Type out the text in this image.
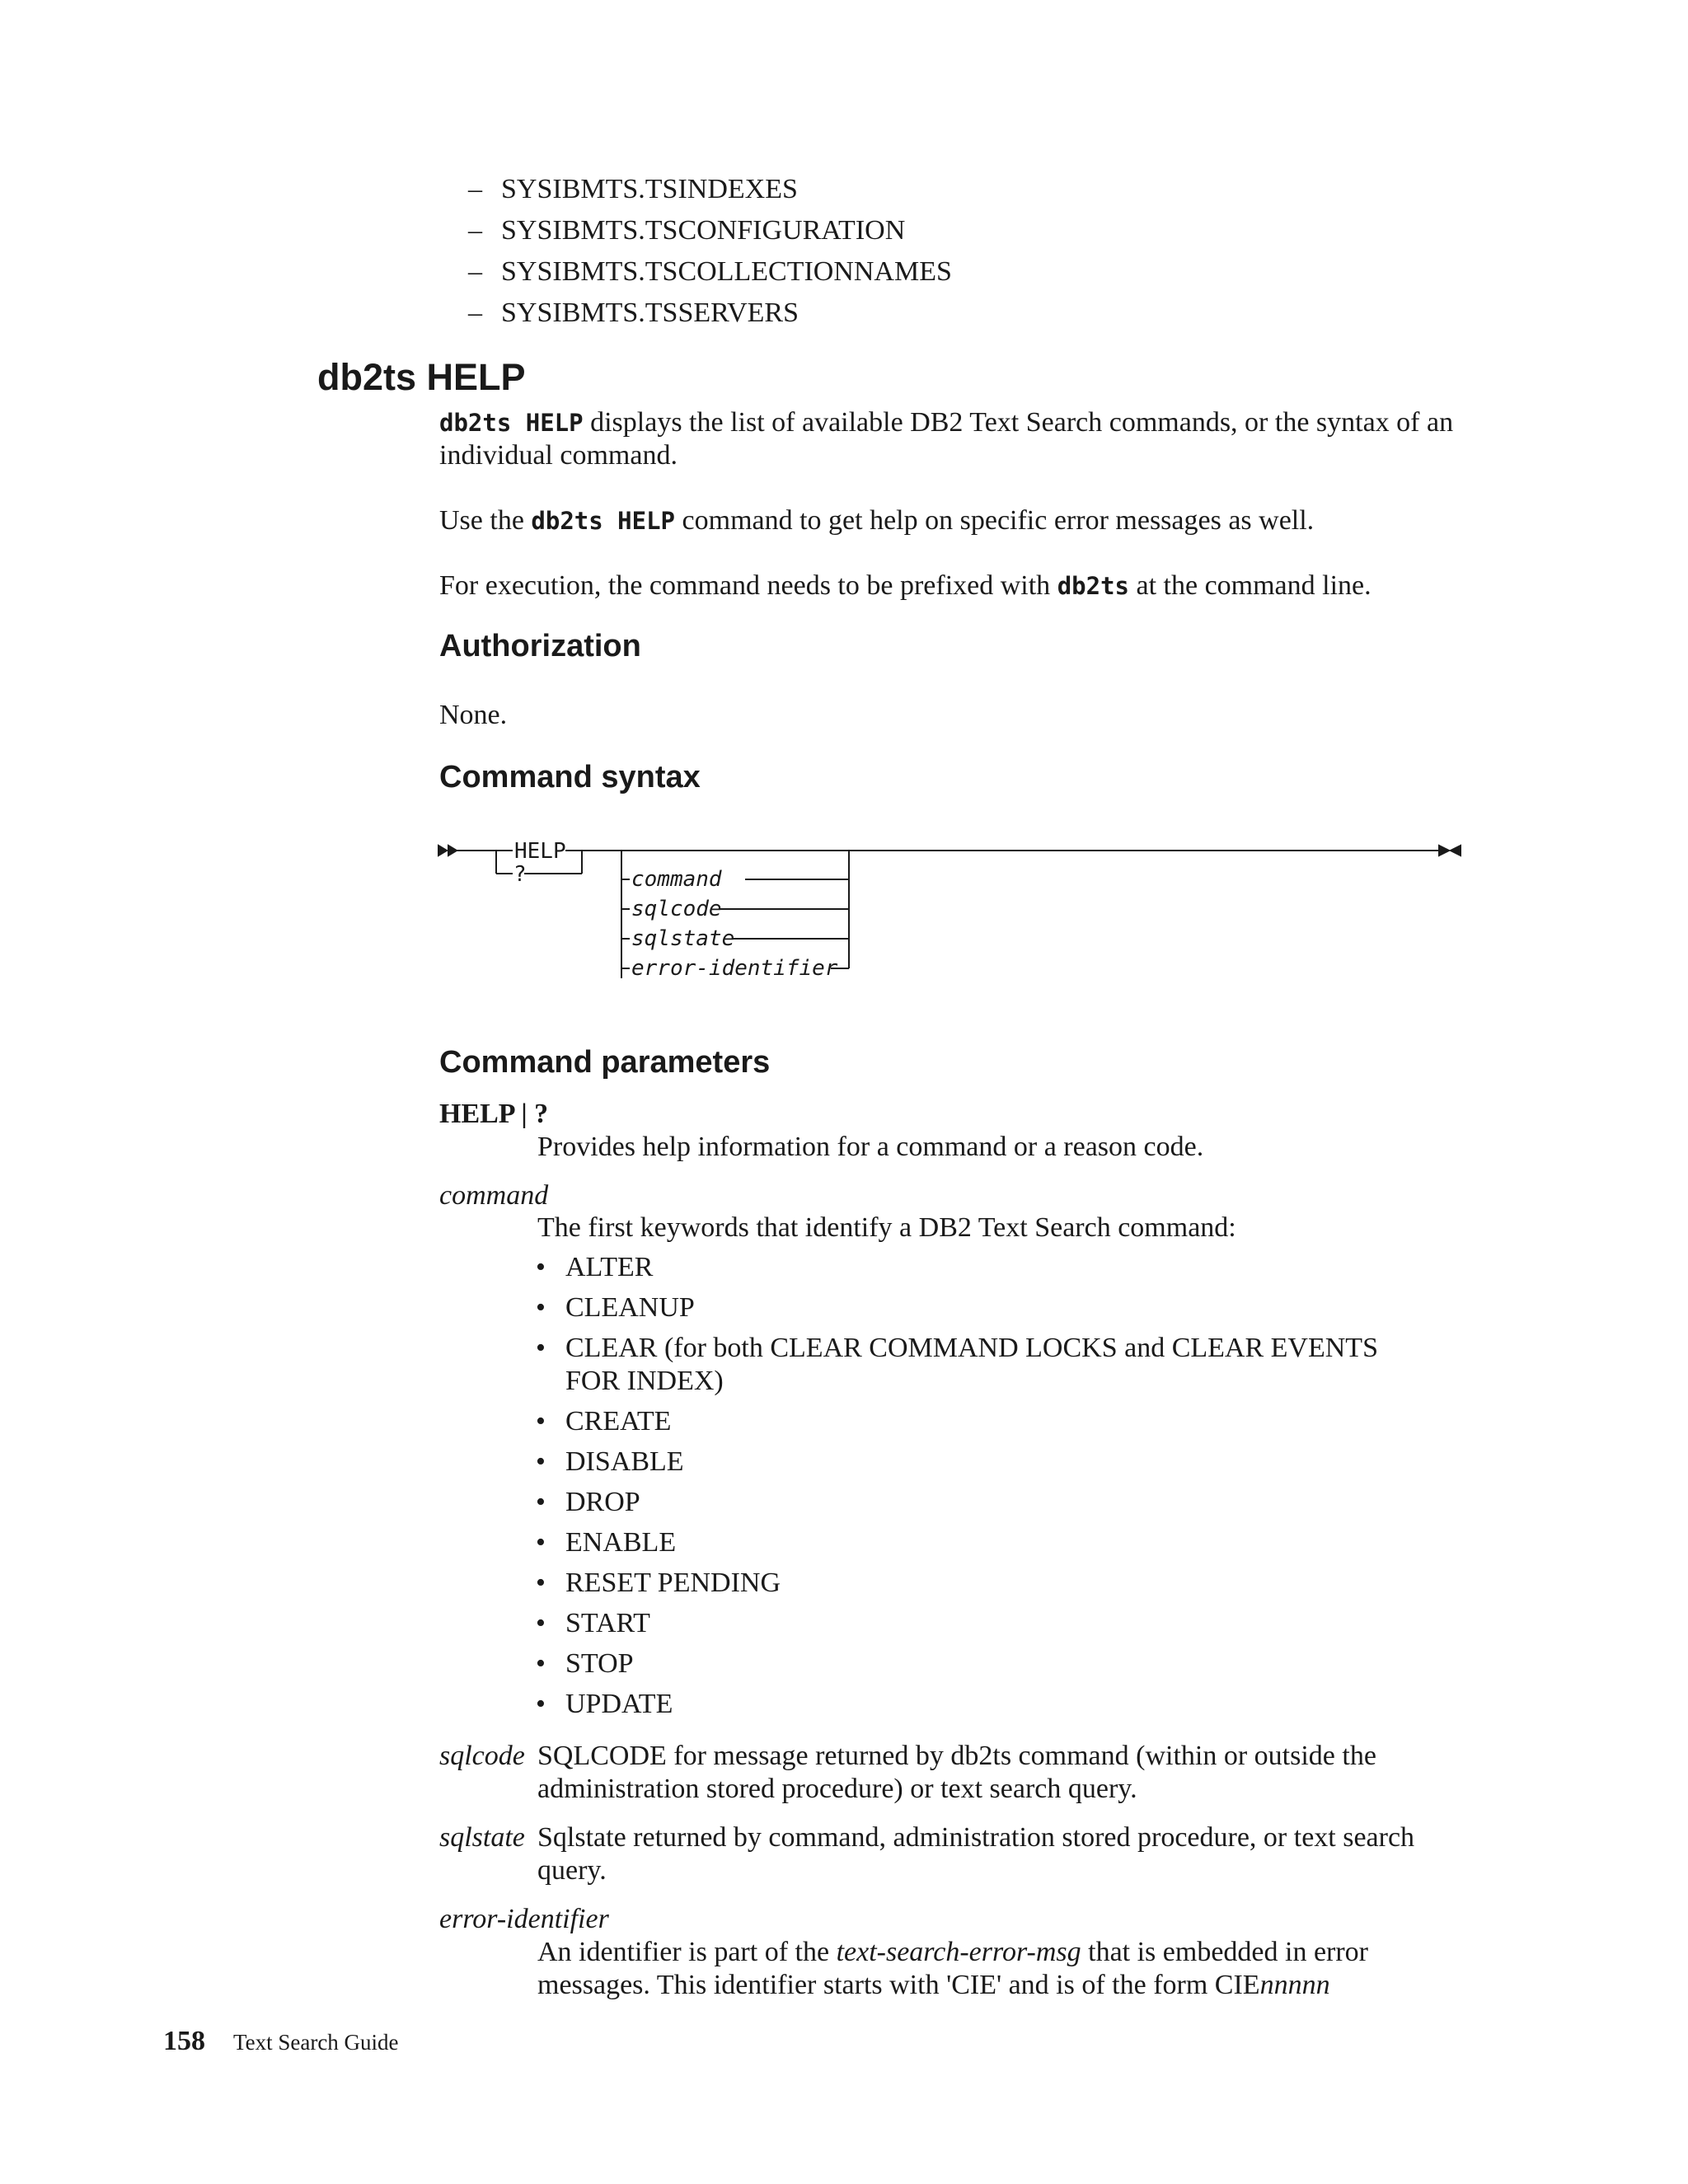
– SYSIBMTS.TSINDEXES
– SYSIBMTS.TSCONFIGURATION
– SYSIBMTS.TSCOLLECTIONNAMES
– SYSIBMTS.TSSERVERS
db2ts HELP

db2ts HELP displays the list of available DB2 Text Search commands, or the syntax of an individual command.

Use the db2ts HELP command to get help on specific error messages as well.

For execution, the command needs to be prefixed with db2ts at the command line.

Authorization

None.

Command syntax
HELP
?	command
sqlcode
sqlstate
error-identifier
Command parameters
HELP | ?

Provides help information for a command or a reason code.

command

The first keywords that identify a DB2 Text Search command:

• ALTER
• CLEANUP
• CLEAR (for both CLEAR COMMAND LOCKS and CLEAR EVENTS FOR INDEX)
• CREATE
• DISABLE
• DROP
• ENABLE
• RESET PENDING
• START
• STOP
• UPDATE
sqlcode SQLCODE for message returned by db2ts command (within or outside the administration stored procedure) or text search query.

sqlstate Sqlstate returned by command, administration stored procedure, or text search query.

error-identifier

An identifier is part of the text-search-error-msg that is embedded in error messages. This identifier starts with 'CIE' and is of the form CIEnnnnn

158 Text Search Guide
